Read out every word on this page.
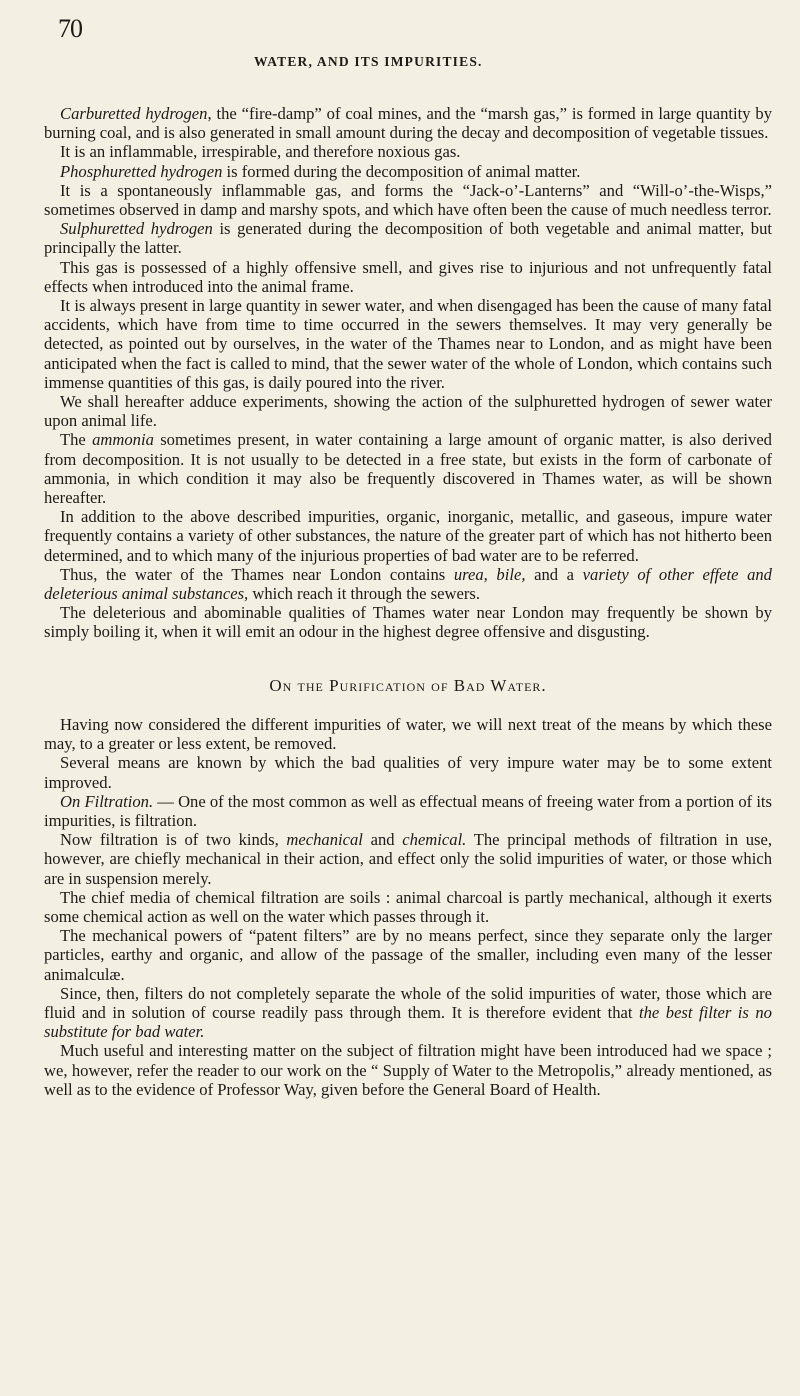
70
WATER, AND ITS IMPURITIES.

Carburetted hydrogen, the “fire-damp” of coal mines, and the “marsh gas,” is formed in large quantity by burning coal, and is also generated in small amount during the decay and decomposition of vegetable tissues.

It is an inflammable, irrespirable, and therefore noxious gas.

Phosphuretted hydrogen is formed during the decomposition of animal matter.

It is a spontaneously inflammable gas, and forms the “Jack-o’-Lanterns” and “Will-o’-the-Wisps,” sometimes observed in damp and marshy spots, and which have often been the cause of much needless terror.

Sulphuretted hydrogen is generated during the decomposition of both vegetable and animal matter, but principally the latter.

This gas is possessed of a highly offensive smell, and gives rise to injurious and not unfrequently fatal effects when introduced into the animal frame.

It is always present in large quantity in sewer water, and when disengaged has been the cause of many fatal accidents, which have from time to time occurred in the sewers themselves. It may very generally be detected, as pointed out by ourselves, in the water of the Thames near to London, and as might have been anticipated when the fact is called to mind, that the sewer water of the whole of London, which contains such immense quantities of this gas, is daily poured into the river.

We shall hereafter adduce experiments, showing the action of the sulphuretted hydrogen of sewer water upon animal life.

The ammonia sometimes present, in water containing a large amount of organic matter, is also derived from decomposition. It is not usually to be detected in a free state, but exists in the form of carbonate of ammonia, in which condition it may also be frequently discovered in Thames water, as will be shown hereafter.

In addition to the above described impurities, organic, inorganic, metallic, and gaseous, impure water frequently contains a variety of other substances, the nature of the greater part of which has not hitherto been determined, and to which many of the injurious properties of bad water are to be referred.

Thus, the water of the Thames near London contains urea, bile, and a variety of other effete and deleterious animal substances, which reach it through the sewers.

The deleterious and abominable qualities of Thames water near London may frequently be shown by simply boiling it, when it will emit an odour in the highest degree offensive and disgusting.

On the Purification of Bad Water.

Having now considered the different impurities of water, we will next treat of the means by which these may, to a greater or less extent, be removed.

Several means are known by which the bad qualities of very impure water may be to some extent improved.

On Filtration. — One of the most common as well as effectual means of freeing water from a portion of its impurities, is filtration.

Now filtration is of two kinds, mechanical and chemical. The principal methods of filtration in use, however, are chiefly mechanical in their action, and effect only the solid impurities of water, or those which are in suspension merely.

The chief media of chemical filtration are soils : animal charcoal is partly mechanical, although it exerts some chemical action as well on the water which passes through it.

The mechanical powers of “patent filters” are by no means perfect, since they separate only the larger particles, earthy and organic, and allow of the passage of the smaller, including even many of the lesser animalculæ.

Since, then, filters do not completely separate the whole of the solid impurities of water, those which are fluid and in solution of course readily pass through them. It is therefore evident that the best filter is no substitute for bad water.

Much useful and interesting matter on the subject of filtration might have been introduced had we space ; we, however, refer the reader to our work on the “ Supply of Water to the Metropolis,” already mentioned, as well as to the evidence of Professor Way, given before the General Board of Health.
